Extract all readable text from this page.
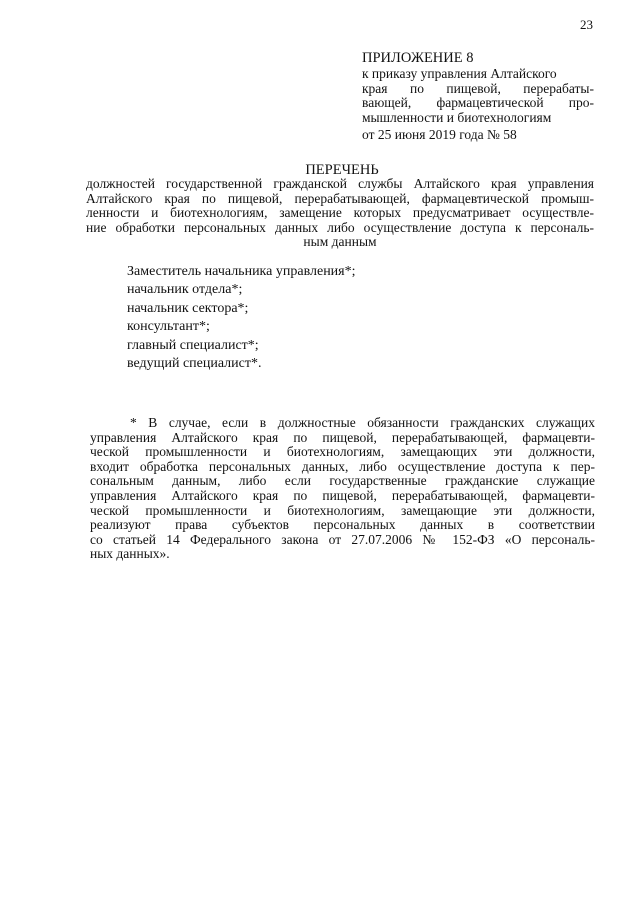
23
ПРИЛОЖЕНИЕ 8
к приказу управления Алтайского
края по пищевой, перерабаты-
вающей, фармацевтической про-
мышленности и биотехнологиям
от 25 июня 2019 года № 58
ПЕРЕЧЕНЬ
должностей государственной гражданской службы Алтайского края управления
Алтайского края по пищевой, перерабатывающей, фармацевтической промыш-
ленности и биотехнологиям, замещение которых предусматривает осуществле-
ние обработки персональных данных либо осуществление доступа к персональ-
ным данным
Заместитель начальника управления*;
начальник отдела*;
начальник сектора*;
консультант*;
главный специалист*;
ведущий специалист*.
* В случае, если в должностные обязанности гражданских служащих
управления Алтайского края по пищевой, перерабатывающей, фармацевти-
ческой промышленности и биотехнологиям, замещающих эти должности,
входит обработка персональных данных, либо осуществление доступа к пер-
сональным данным, либо если государственные гражданские служащие
управления Алтайского края по пищевой, перерабатывающей, фармацевти-
ческой промышленности и биотехнологиям, замещающие эти должности,
реализуют права субъектов персональных данных в соответствии
со статьей 14 Федерального закона от 27.07.2006 № 152-ФЗ «О персональ-
ных данных».
